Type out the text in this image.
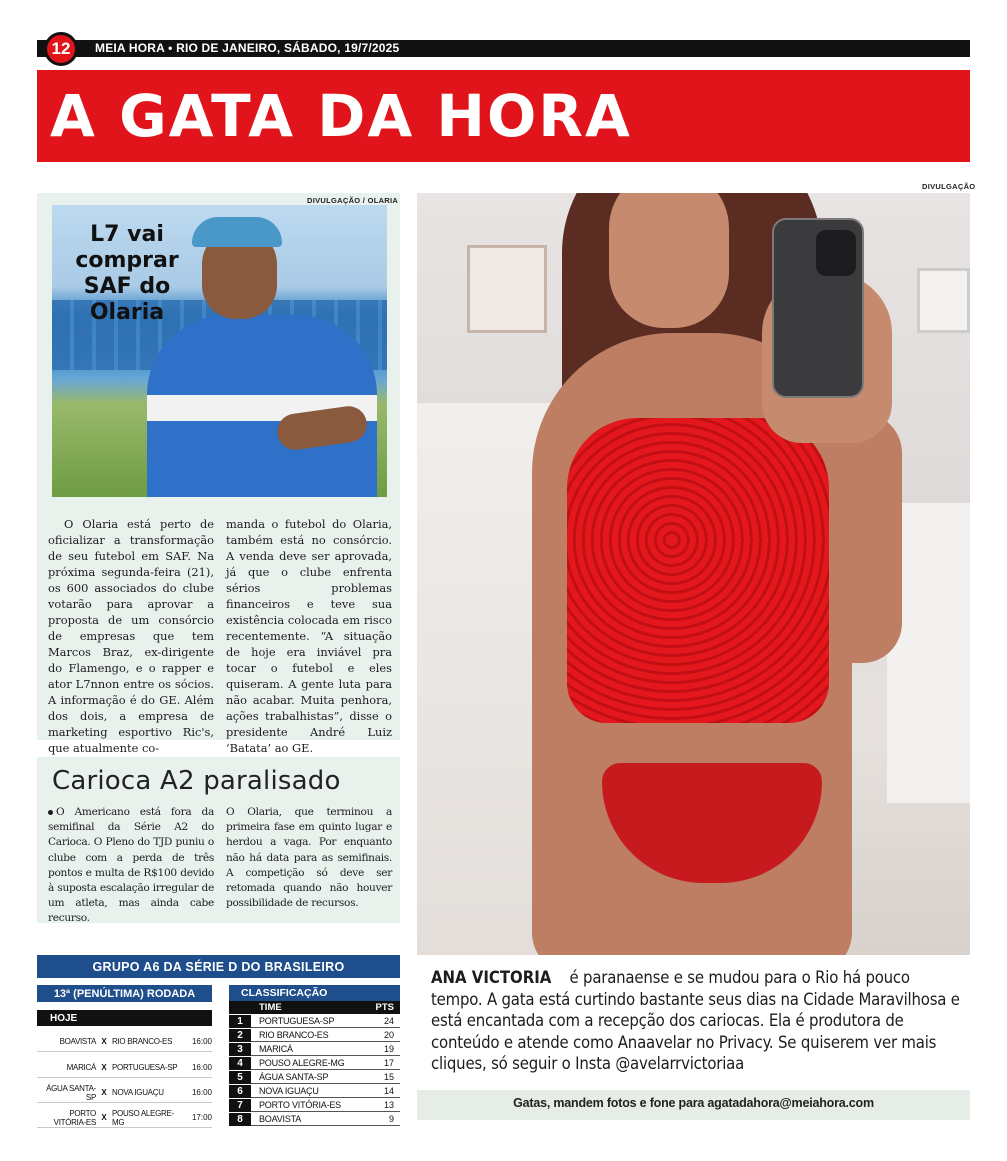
12	MEIA HORA • RIO DE JANEIRO, SÁBADO, 19/7/2025
A GATA DA HORA
DIVULGAÇÃO / OLARIA
L7 vai comprar SAF do Olaria
O Olaria está perto de oficializar a transformação de seu futebol em SAF. Na próxima segunda-feira (21), os 600 associados do clube votarão para aprovar a proposta de um consórcio de empresas que tem Marcos Braz, ex-dirigente do Flamengo, e o rapper e ator L7nnon entre os sócios. A informação é do GE. Além dos dois, a empresa de marketing esportivo Ric's, que atualmente co-
manda o futebol do Olaria, também está no consórcio. A venda deve ser aprovada, já que o clube enfrenta sérios problemas financeiros e teve sua existência colocada em risco recentemente. “A situação de hoje era inviável pra tocar o futebol e eles quiseram. A gente luta para não acabar. Muita penhora, ações trabalhistas”, disse o presidente André Luiz ‘Batata’ ao GE.
Carioca A2 paralisado
O Americano está fora da semifinal da Série A2 do Carioca. O Pleno do TJD puniu o clube com a perda de três pontos e multa de R$100 devido à suposta escalação irregular de um atleta, mas ainda cabe recurso.
O Olaria, que terminou a primeira fase em quinto lugar e herdou a vaga. Por enquanto não há data para as semifinais. A competição só deve ser retomada quando não houver possibilidade de recursos.
GRUPO A6 DA SÉRIE D DO BRASILEIRO
13ª (PENÚLTIMA) RODADA
HOJE
BOAVISTA X RIO BRANCO-ES	16:00
MARICÁ X PORTUGUESA-SP	16:00
ÁGUA SANTA-SP X NOVA IGUAÇU	16:00
PORTO VITÓRIA-ES X POUSO ALEGRE-MG	17:00
CLASSIFICAÇÃO
TIME	PTS
1	PORTUGUESA-SP	24
2	RIO BRANCO-ES	20
3	MARICÁ	19
4	POUSO ALEGRE-MG	17
5	ÁGUA SANTA-SP	15
6	NOVA IGUAÇU	14
7	PORTO VITÓRIA-ES	13
8	BOAVISTA	9
DIVULGAÇÃO
ANA VICTORIA é paranaense e se mudou para o Rio há pouco tempo. A gata está curtindo bastante seus dias na Cidade Maravilhosa e está encantada com a recepção dos cariocas. Ela é produtora de conteúdo e atende como Anaavelar no Privacy. Se quiserem ver mais cliques, só seguir o Insta @avelarrvictoriaa
Gatas, mandem fotos e fone para agatadahora@meiahora.com
